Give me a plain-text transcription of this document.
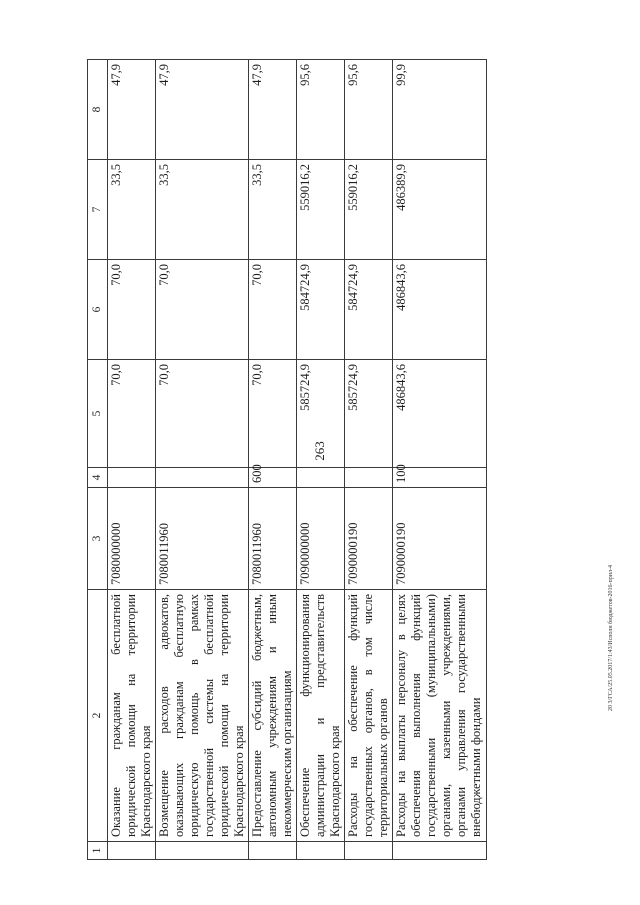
263
20 3/ГСА/25.05.2017/1:43/Исполн бюджетов-2016-прил-4
1	2	3	4	5	6	7	8
	Оказание гражданам бесплатной юридической помощи на территории Краснодарского края	7080000000		70,0	70,0	33,5	47,9
	Возмещение расходов адвокатов, оказывающих гражданам бесплатную юридическую помощь в рамках государственной системы бесплатной юридической помощи на территории Краснодарского края	7080011960		70,0	70,0	33,5	47,9
	Предоставление субсидий бюджетным, автономным учреждениям и иным некоммерческим организациям	7080011960	600	70,0	70,0	33,5	47,9
	Обеспечение функционирования администрации и представительств Краснодарского края	7090000000		585724,9	584724,9	559016,2	95,6
	Расходы на обеспечение функций государственных органов, в том числе территориальных органов	7090000190		585724,9	584724,9	559016,2	95,6
	Расходы на выплаты персоналу в целях обеспечения выполнения функций государственными (муниципальными) органами, казенными учреждениями, органами управления государственными внебюджетными фондами	7090000190	100	486843,6	486843,6	486389,9	99,9
